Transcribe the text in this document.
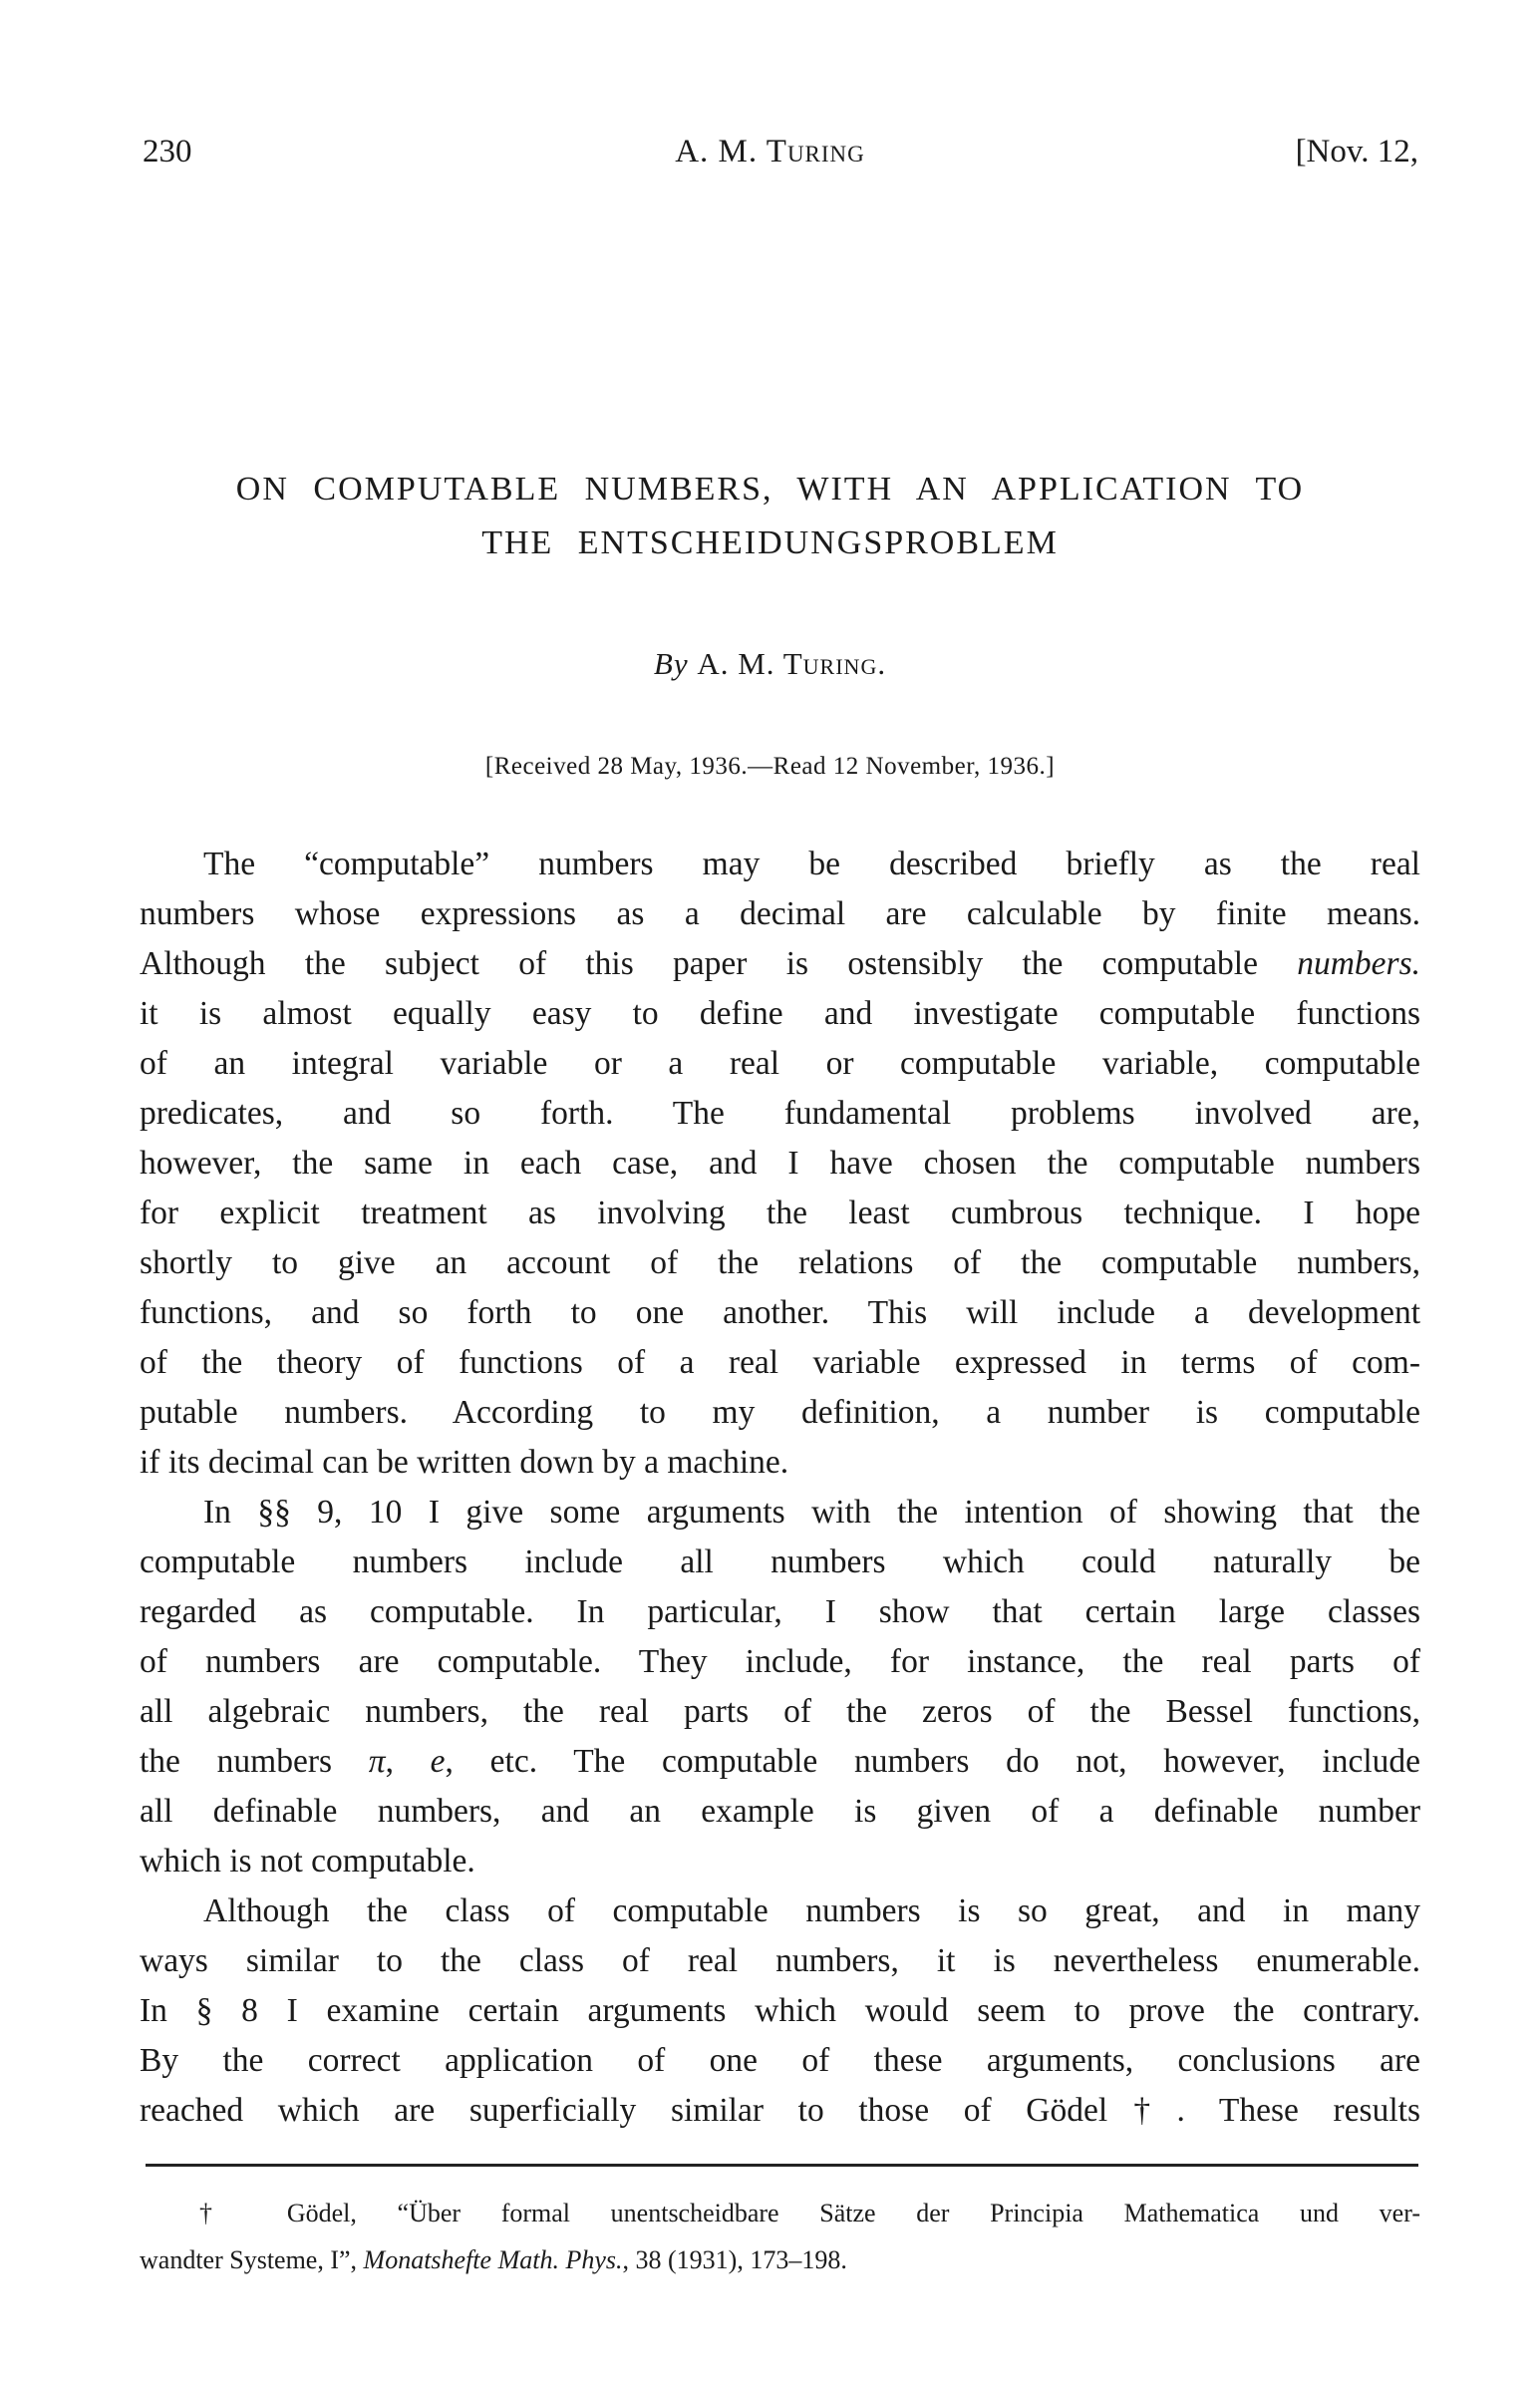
230	A. M. Turing	[Nov. 12,
ON COMPUTABLE NUMBERS, WITH AN APPLICATION TO
THE ENTSCHEIDUNGSPROBLEM
By A. M. Turing.
[Received 28 May, 1936.—Read 12 November, 1936.]
The “computable” numbers may be described briefly as the real
numbers whose expressions as a decimal are calculable by finite means.
Although the subject of this paper is ostensibly the computable numbers.
it is almost equally easy to define and investigate computable functions
of an integral variable or a real or computable variable, computable
predicates, and so forth. The fundamental problems involved are,
however, the same in each case, and I have chosen the computable numbers
for explicit treatment as involving the least cumbrous technique. I hope
shortly to give an account of the relations of the computable numbers,
functions, and so forth to one another. This will include a development
of the theory of functions of a real variable expressed in terms of com-
putable numbers. According to my definition, a number is computable
if its decimal can be written down by a machine.
In §§ 9, 10 I give some arguments with the intention of showing that the
computable numbers include all numbers which could naturally be
regarded as computable. In particular, I show that certain large classes
of numbers are computable. They include, for instance, the real parts of
all algebraic numbers, the real parts of the zeros of the Bessel functions,
the numbers π, e, etc. The computable numbers do not, however, include
all definable numbers, and an example is given of a definable number
which is not computable.
Although the class of computable numbers is so great, and in many
ways similar to the class of real numbers, it is nevertheless enumerable.
In § 8 I examine certain arguments which would seem to prove the contrary.
By the correct application of one of these arguments, conclusions are
reached which are superficially similar to those of Gödel†. These results
† Gödel, “Über formal unentscheidbare Sätze der Principia Mathematica und ver-
wandter Systeme, I”, Monatshefte Math. Phys., 38 (1931), 173–198.
